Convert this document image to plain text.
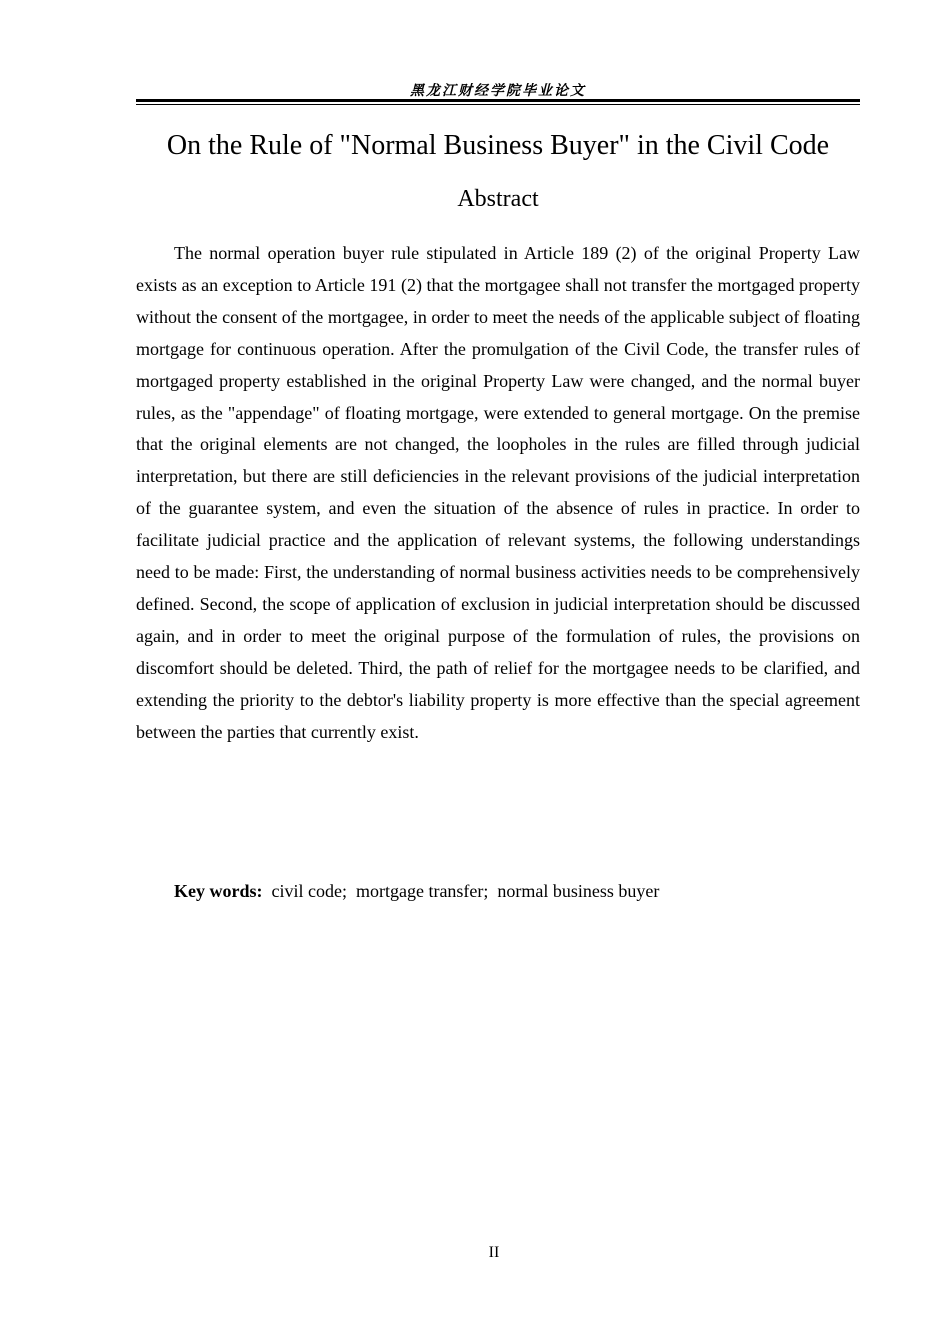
黑龙江财经学院毕业论文
On the Rule of "Normal Business Buyer" in the Civil Code
Abstract

The normal operation buyer rule stipulated in Article 189 (2) of the original Property Law exists as an exception to Article 191 (2) that the mortgagee shall not transfer the mortgaged property without the consent of the mortgagee, in order to meet the needs of the applicable subject of floating mortgage for continuous operation. After the promulgation of the Civil Code, the transfer rules of mortgaged property established in the original Property Law were changed, and the normal buyer rules, as the "appendage" of floating mortgage, were extended to general mortgage. On the premise that the original elements are not changed, the loopholes in the rules are filled through judicial interpretation, but there are still deficiencies in the relevant provisions of the judicial interpretation of the guarantee system, and even the situation of the absence of rules in practice. In order to facilitate judicial practice and the application of relevant systems, the following understandings need to be made: First, the understanding of normal business activities needs to be comprehensively defined. Second, the scope of application of exclusion in judicial interpretation should be discussed again, and in order to meet the original purpose of the formulation of rules, the provisions on discomfort should be deleted. Third, the path of relief for the mortgagee needs to be clarified, and extending the priority to the debtor's liability property is more effective than the special agreement between the parties that currently exist.

Key words: civil code;  mortgage transfer;  normal business buyer
II
